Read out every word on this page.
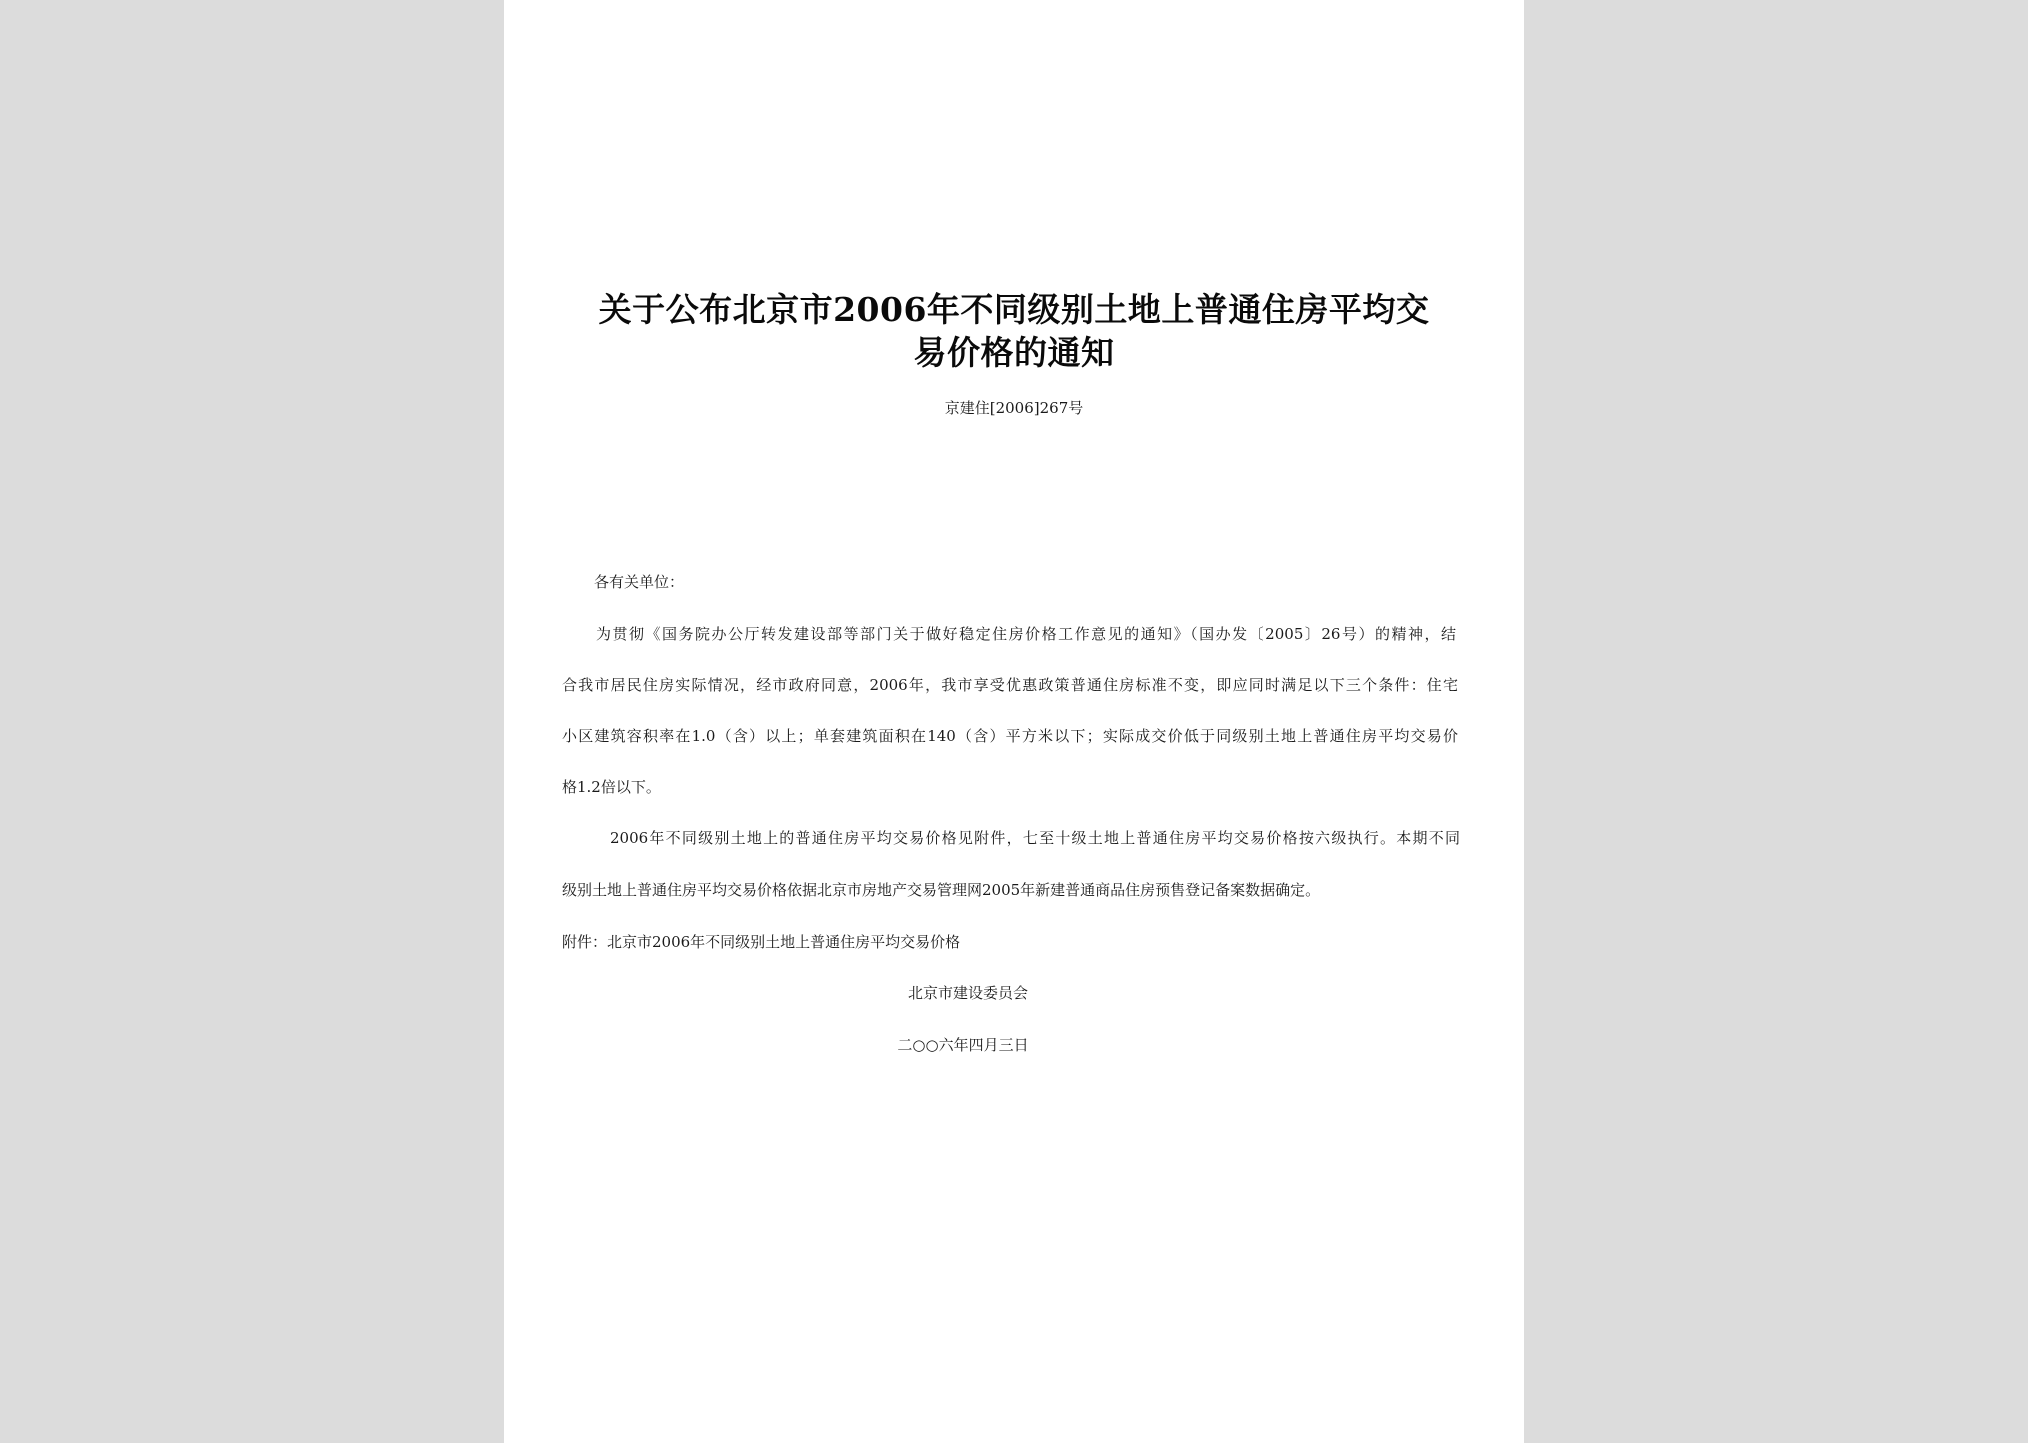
关于公布北京市2006年不同级别土地上普通住房平均交
易价格的通知
京建住[2006]267号
各有关单位：
为贯彻《国务院办公厅转发建设部等部门关于做好稳定住房价格工作意见的通知》（国办发〔2005〕26号）的精神，结
合我市居民住房实际情况，经市政府同意，2006年，我市享受优惠政策普通住房标准不变，即应同时满足以下三个条件：住宅
小区建筑容积率在1.0（含）以上；单套建筑面积在140（含）平方米以下；实际成交价低于同级别土地上普通住房平均交易价
格1.2倍以下。
2006年不同级别土地上的普通住房平均交易价格见附件，七至十级土地上普通住房平均交易价格按六级执行。本期不同
级别土地上普通住房平均交易价格依据北京市房地产交易管理网2005年新建普通商品住房预售登记备案数据确定。
附件：北京市2006年不同级别土地上普通住房平均交易价格
北京市建设委员会
二○○六年四月三日
